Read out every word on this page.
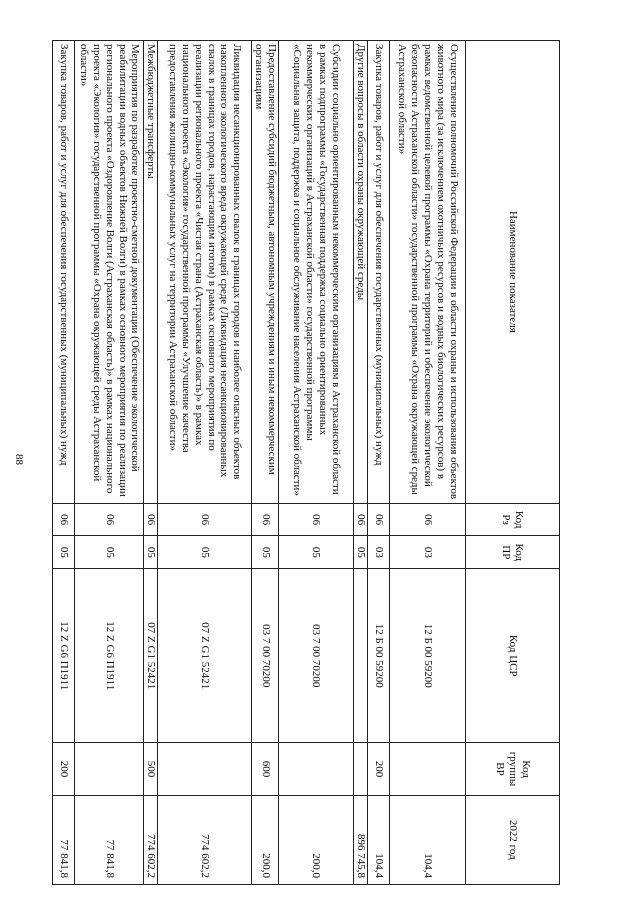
88
Наименование показателя	Код Рз	Код ПР	Код ЦСР	Код группы ВР	2022 год
Осуществление полномочий Российской Федерации в области охраны и использования объектов животного мира (за исключением охотничьих ресурсов и водных биологических ресурсов) в рамках ведомственной целевой программы «Охрана территорий и обеспечение экологической безопасности Астраханской области» государственной программы «Охрана окружающей среды Астраханской области»	06	03	12 Б 00 59200		104,4
Закупка товаров, работ и услуг для обеспечения государственных (муниципальных) нужд	06	03	12 Б 00 59200	200	104,4
Другие вопросы в области охраны окружающей среды	06	05			896 745,8
Субсидии социально ориентированным некоммерческим организациям в Астраханской области в рамках подпрограммы «Государственная поддержка социально ориентированных некоммерческих организаций в Астраханской области» государственной программы «Социальная защита, поддержка и социальное обслуживание населения Астраханской области»	06	05	03 7 00 70200		200,0
Предоставление субсидий бюджетным, автономным учреждениям и иным некоммерческим организациям	06	05	03 7 00 70200	600	200,0
Ликвидация несанкционированных свалок в границах городов и наиболее опасных объектов накопленного экологического вреда окружающей среде (Ликвидация несанкционированных свалок в границах городов, нарастающим итогом) в рамках основного мероприятия по реализации регионального проекта «Чистая страна (Астраханская область)» в рамках национального проекта «Экология» государственной программы «Улучшение качества предоставления жилищно-коммунальных услуг на территории Астраханской области»	06	05	07 Z G1 52421		774 602,2
Межбюджетные трансферты	06	05	07 Z G1 52421	500	774 602,2
Мероприятия по разработке проектно-сметной документации (Обеспечение экологической реабилитации водных объектов Нижней Волги) в рамках основного мероприятия по реализации регионального проекта «Оздоровление Волги (Астраханская область)» в рамках национального проекта «Экология» государственной программы «Охрана окружающей среды Астраханской области»	06	05	12 Z G6 П1911		77 841,8
Закупка товаров, работ и услуг для обеспечения государственных (муниципальных) нужд	06	05	12 Z G6 П1911	200	77 841,8
